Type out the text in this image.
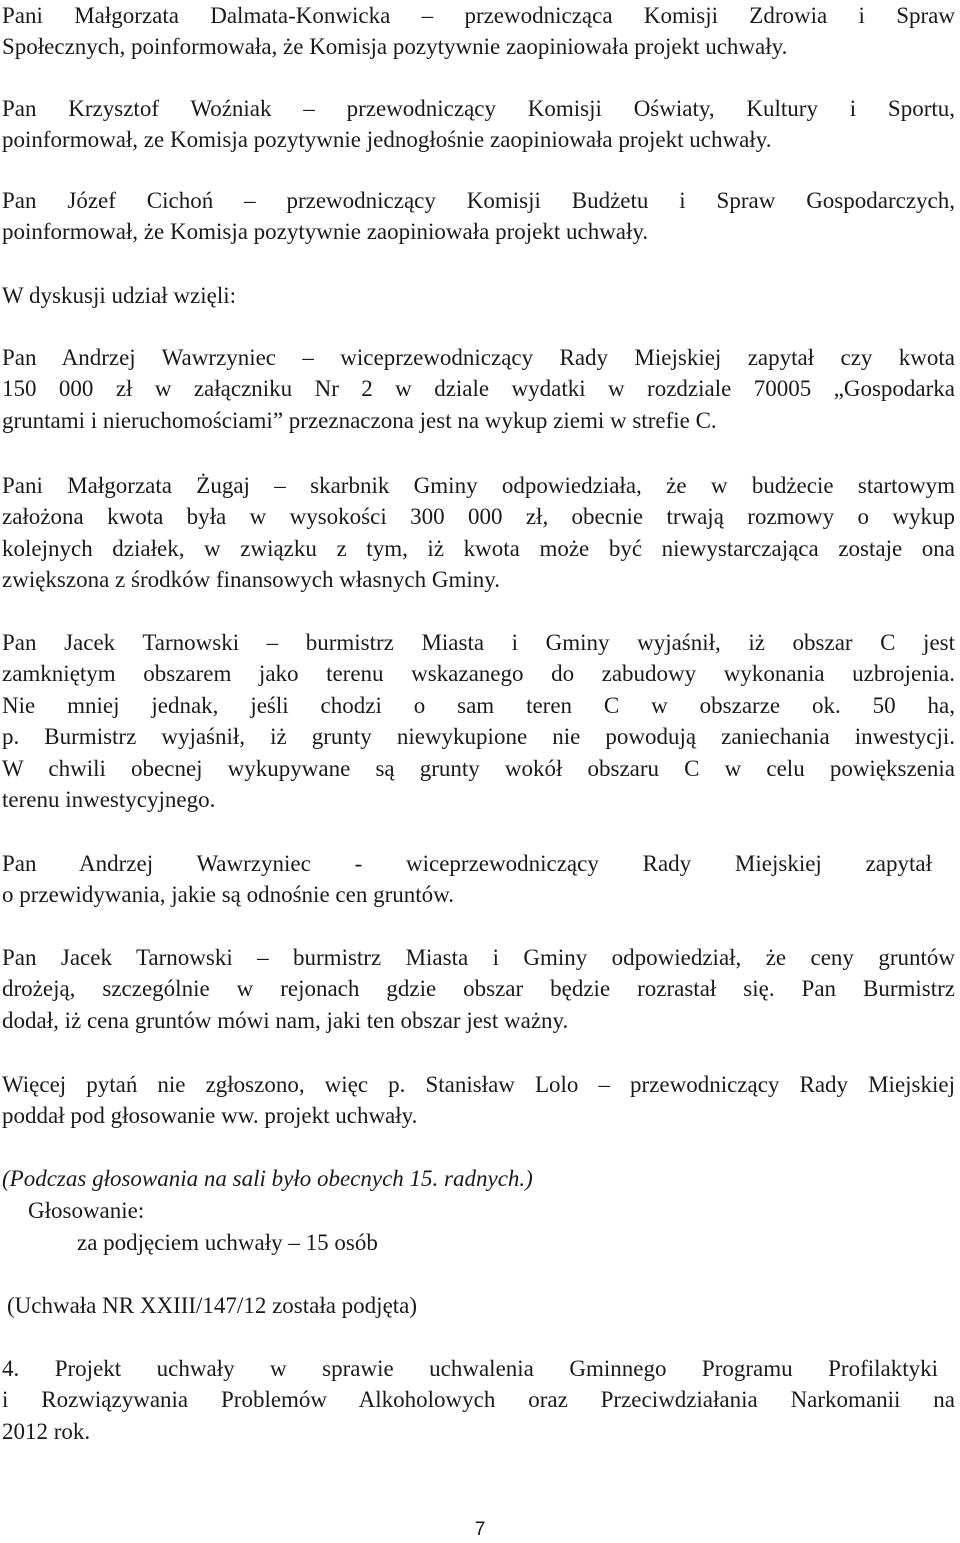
Pani Małgorzata Dalmata-Konwicka – przewodnicząca Komisji Zdrowia i Spraw
Społecznych, poinformowała, że Komisja pozytywnie zaopiniowała projekt uchwały.
Pan Krzysztof Woźniak – przewodniczący Komisji Oświaty, Kultury i Sportu,
poinformował, ze Komisja pozytywnie jednogłośnie zaopiniowała projekt uchwały.
Pan Józef Cichoń – przewodniczący Komisji Budżetu i Spraw Gospodarczych,
poinformował, że Komisja pozytywnie zaopiniowała projekt uchwały.
W dyskusji udział wzięli:
Pan Andrzej Wawrzyniec – wiceprzewodniczący Rady Miejskiej zapytał czy kwota
150 000 zł w załączniku Nr 2 w dziale wydatki w rozdziale 70005 „Gospodarka
gruntami i nieruchomościami” przeznaczona jest na wykup ziemi w strefie C.
Pani Małgorzata Żugaj – skarbnik Gminy odpowiedziała, że w budżecie startowym
założona kwota była w wysokości 300 000 zł, obecnie trwają rozmowy o wykup
kolejnych działek, w związku z tym, iż kwota może być niewystarczająca zostaje ona
zwiększona z środków finansowych własnych Gminy.
Pan Jacek Tarnowski – burmistrz Miasta i Gminy wyjaśnił, iż obszar C jest
zamkniętym obszarem jako terenu wskazanego do zabudowy wykonania uzbrojenia.
Nie mniej jednak, jeśli chodzi o sam teren C w obszarze ok. 50 ha,
p. Burmistrz wyjaśnił, iż grunty niewykupione nie powodują zaniechania inwestycji.
W chwili obecnej wykupywane są grunty wokół obszaru C w celu powiększenia
terenu inwestycyjnego.
Pan Andrzej Wawrzyniec - wiceprzewodniczący Rady Miejskiej zapytał
o przewidywania, jakie są odnośnie cen gruntów.
Pan Jacek Tarnowski – burmistrz Miasta i Gminy odpowiedział, że ceny gruntów
drożeją, szczególnie w rejonach gdzie obszar będzie rozrastał się. Pan Burmistrz
dodał, iż cena gruntów mówi nam, jaki ten obszar jest ważny.
Więcej pytań nie zgłoszono, więc p. Stanisław Lolo – przewodniczący Rady Miejskiej
poddał pod głosowanie ww. projekt uchwały.
(Podczas głosowania na sali było obecnych 15. radnych.)
Głosowanie:
za podjęciem uchwały – 15 osób
(Uchwała NR XXIII/147/12 została podjęta)
4. Projekt uchwały w sprawie uchwalenia Gminnego Programu Profilaktyki
i Rozwiązywania Problemów Alkoholowych oraz Przeciwdziałania Narkomanii na
2012 rok.
7
